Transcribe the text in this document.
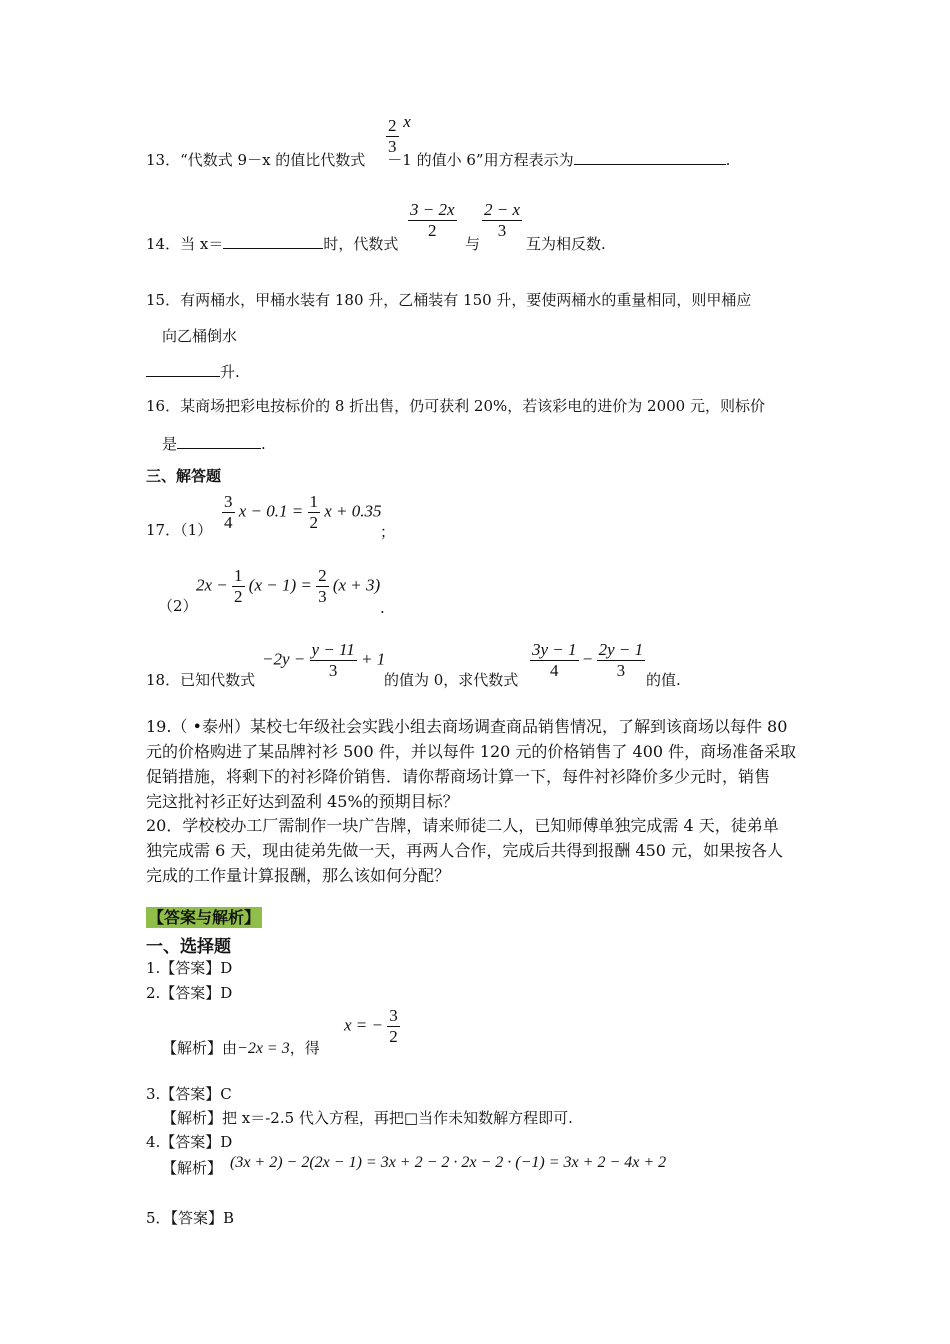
$\frac{2}{3}$ x
13．“代数式 9－x 的值比代数式 －1 的值小 6”用方程表示为	.
$\frac{3 - 2x}{2} \frac{2 - x}{3}$
14．当 x＝	时，代数式	与	互为相反数.
15．有两桶水，甲桶水装有 180 升，乙桶装有 150 升，要使两桶水的重量相同，则甲桶应
向乙桶倒水
升.
16．某商场把彩电按标价的 8 折出售，仍可获利 20%，若该彩电的进价为 2000 元，则标价
是	.
三、解答题
17．$(1) \frac{3}{4}$ $x - 0.1 = \frac{1}{2}$ x + 0.35
；
（2）
$2x - \frac{1}{2} (x - 1) = \frac{2}{3} (x + 3)$
.
18．已知代数式
$-2y - \frac{y - 11}{3} + 1$
的值为 0，求代数式 $\frac{3y - 1}{4} - \frac{2y - 1}{3}$ 的值.
19.（ •泰州）某校七年级社会实践小组去商场调查商品销售情况，了解到该商场以每件 80
元的价格购进了某品牌衬衫 500 件，并以每件 120 元的价格销售了 400 件，商场准备采取
促销措施，将剩下的衬衫降价销售．请你帮商场计算一下，每件衬衫降价多少元时，销售
完这批衬衫正好达到盈利 45%的预期目标？
20．学校校办工厂需制作一块广告牌，请来师徒二人，已知师傅单独完成需 4 天，徒弟单
独完成需 6 天，现由徒弟先做一天，再两人合作，完成后共得到报酬 450 元，如果按各人
完成的工作量计算报酬，那么该如何分配？
【答案与解析】
一、选择题
1.【答案】D
2.【答案】D
【解析】由−2x = 3，得
x = − $\frac{3}{2}$
3.【答案】C
【解析】把 x＝-2.5 代入方程，再把□当作未知数解方程即可.
4.【答案】D
【解析】 (3x + 2) − 2(2x − 1) = 3x + 2 − 2 · 2x − 2 · (−1) = 3x + 2 − 4x + 2
5．【答案】B
